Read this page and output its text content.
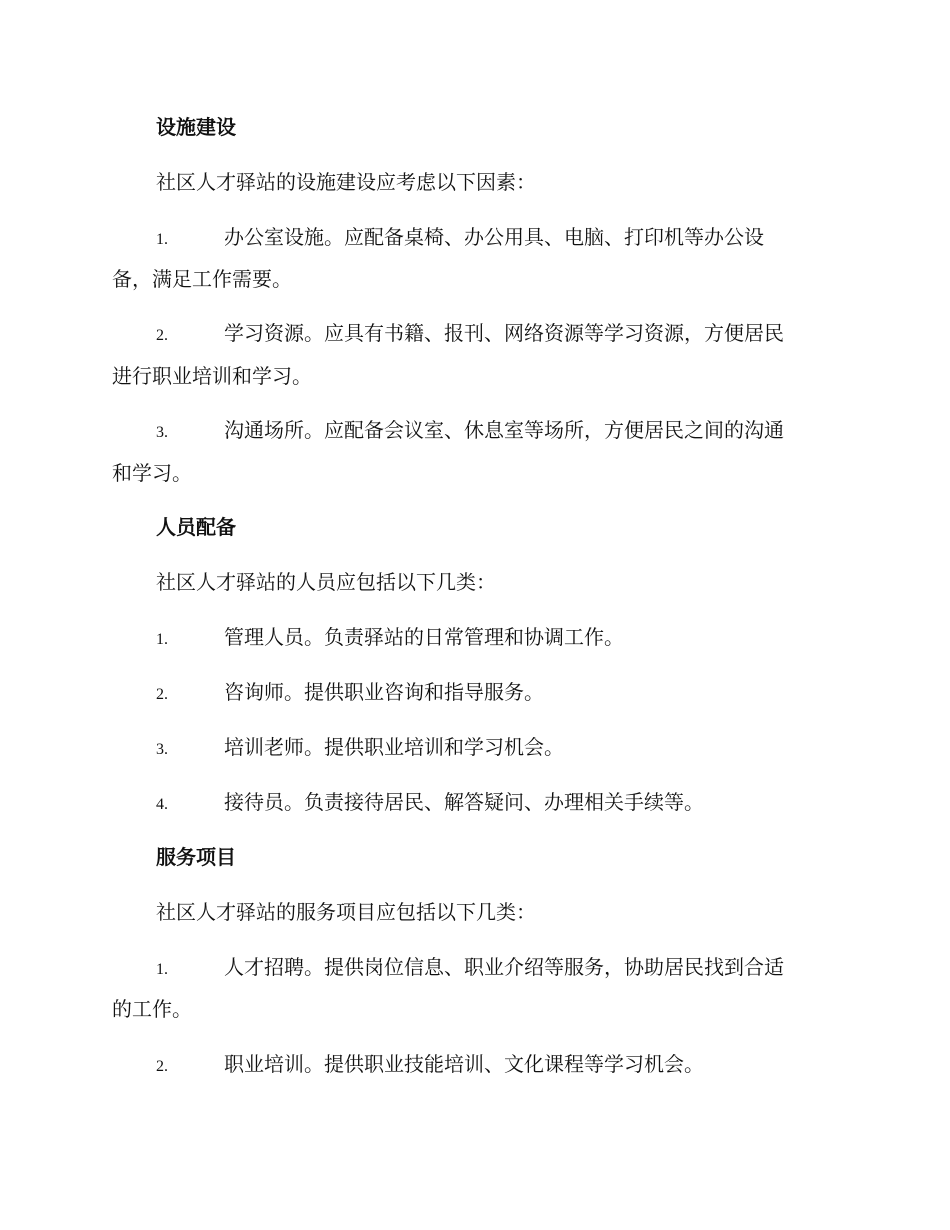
设施建设
社区人才驿站的设施建设应考虑以下因素：
1.	办公室设施。应配备桌椅、办公用具、电脑、打印机等办公设
备，满足工作需要。
2.	学习资源。应具有书籍、报刊、网络资源等学习资源，方便居民
进行职业培训和学习。
3.	沟通场所。应配备会议室、休息室等场所，方便居民之间的沟通
和学习。
人员配备
社区人才驿站的人员应包括以下几类：
1.	管理人员。负责驿站的日常管理和协调工作。
2.	咨询师。提供职业咨询和指导服务。
3.	培训老师。提供职业培训和学习机会。
4.	接待员。负责接待居民、解答疑问、办理相关手续等。
服务项目
社区人才驿站的服务项目应包括以下几类：
1.	人才招聘。提供岗位信息、职业介绍等服务，协助居民找到合适
的工作。
2.	职业培训。提供职业技能培训、文化课程等学习机会。
